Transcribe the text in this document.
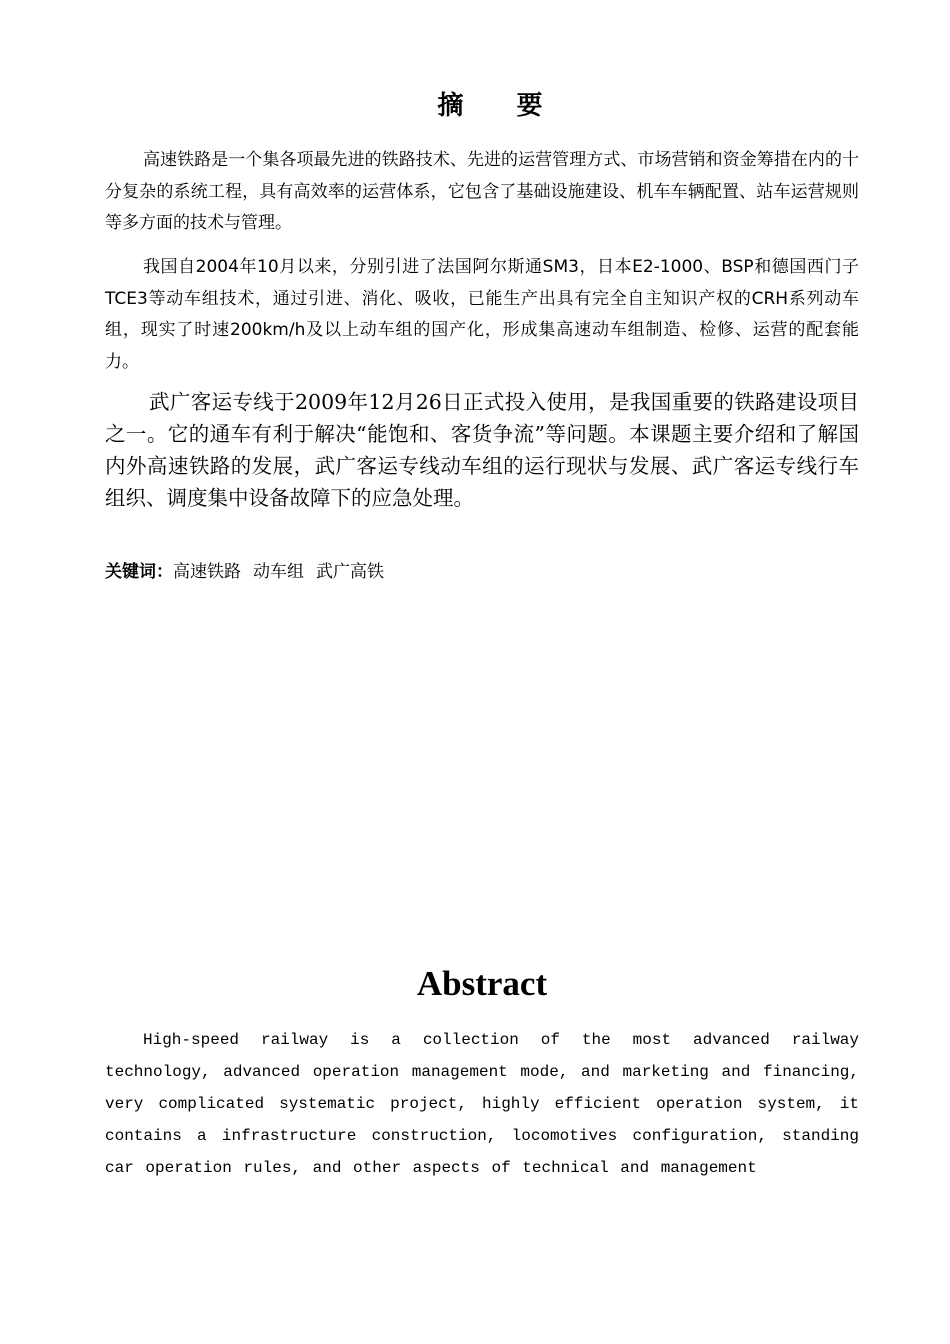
摘 要

高速铁路是一个集各项最先进的铁路技术、先进的运营管理方式、市场营销和资金筹措在内的十分复杂的系统工程，具有高效率的运营体系，它包含了基础设施建设、机车车辆配置、站车运营规则等多方面的技术与管理。

我国自2004年10月以来，分别引进了法国阿尔斯通SM3，日本E2-1000、BSP和德国西门子TCE3等动车组技术，通过引进、消化、吸收，已能生产出具有完全自主知识产权的CRH系列动车组，现实了时速200km/h及以上动车组的国产化，形成集高速动车组制造、检修、运营的配套能力。

武广客运专线于2009年12月26日正式投入使用，是我国重要的铁路建设项目之一。它的通车有利于解决“能饱和、客货争流”等问题。本课题主要介绍和了解国内外高速铁路的发展，武广客运专线动车组的运行现状与发展、武广客运专线行车组织、调度集中设备故障下的应急处理。

关键词：高速铁路 动车组 武广高铁
Abstract

High-speed railway is a collection of the most advanced railway technology, advanced operation management mode, and marketing and financing, very complicated systematic project, highly efficient operation system, it contains a infrastructure construction, locomotives configuration, standing car operation rules, and other aspects of technical and management
